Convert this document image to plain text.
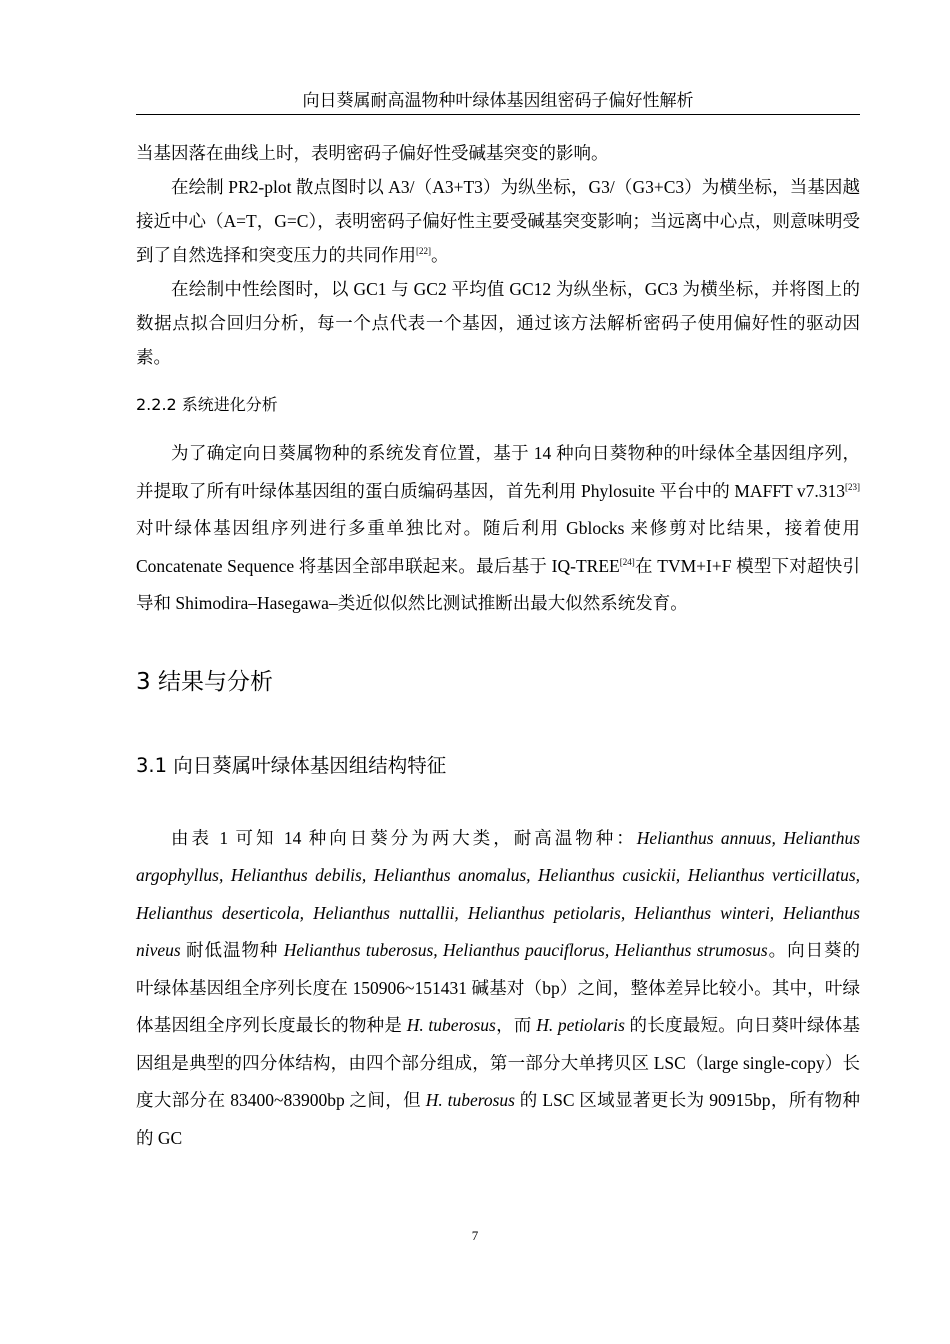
向日葵属耐高温物种叶绿体基因组密码子偏好性解析

当基因落在曲线上时，表明密码子偏好性受碱基突变的影响。

在绘制 PR2-plot 散点图时以 A3/（A3+T3）为纵坐标，G3/（G3+C3）为横坐标，当基因越接近中心（A=T，G=C），表明密码子偏好性主要受碱基突变影响；当远离中心点，则意味明受到了自然选择和突变压力的共同作用[22]。

在绘制中性绘图时，以 GC1 与 GC2 平均值 GC12 为纵坐标，GC3 为横坐标，并将图上的数据点拟合回归分析，每一个点代表一个基因，通过该方法解析密码子使用偏好性的驱动因素。

2.2.2 系统进化分析

为了确定向日葵属物种的系统发育位置，基于 14 种向日葵物种的叶绿体全基因组序列，并提取了所有叶绿体基因组的蛋白质编码基因，首先利用 Phylosuite 平台中的 MAFFT v7.313[23]对叶绿体基因组序列进行多重单独比对。随后利用 Gblocks 来修剪对比结果，接着使用 Concatenate Sequence 将基因全部串联起来。最后基于 IQ-TREE[24]在 TVM+I+F 模型下对超快引导和 Shimodira–Hasegawa–类近似似然比测试推断出最大似然系统发育。

3 结果与分析
3.1 向日葵属叶绿体基因组结构特征

由表 1 可知 14 种向日葵分为两大类，耐高温物种：Helianthus annuus, Helianthus argophyllus, Helianthus debilis, Helianthus anomalus, Helianthus cusickii, Helianthus verticillatus, Helianthus deserticola, Helianthus nuttallii, Helianthus petiolaris, Helianthus winteri, Helianthus niveus 耐低温物种 Helianthus tuberosus, Helianthus pauciflorus, Helianthus strumosus。向日葵的叶绿体基因组全序列长度在 150906~151431 碱基对（bp）之间，整体差异比较小。其中，叶绿体基因组全序列长度最长的物种是 H. tuberosus，而 H. petiolaris 的长度最短。向日葵叶绿体基因组是典型的四分体结构，由四个部分组成，第一部分大单拷贝区 LSC（large single-copy）长度大部分在 83400~83900bp 之间，但 H. tuberosus 的 LSC 区域显著更长为 90915bp，所有物种的 GC

7
